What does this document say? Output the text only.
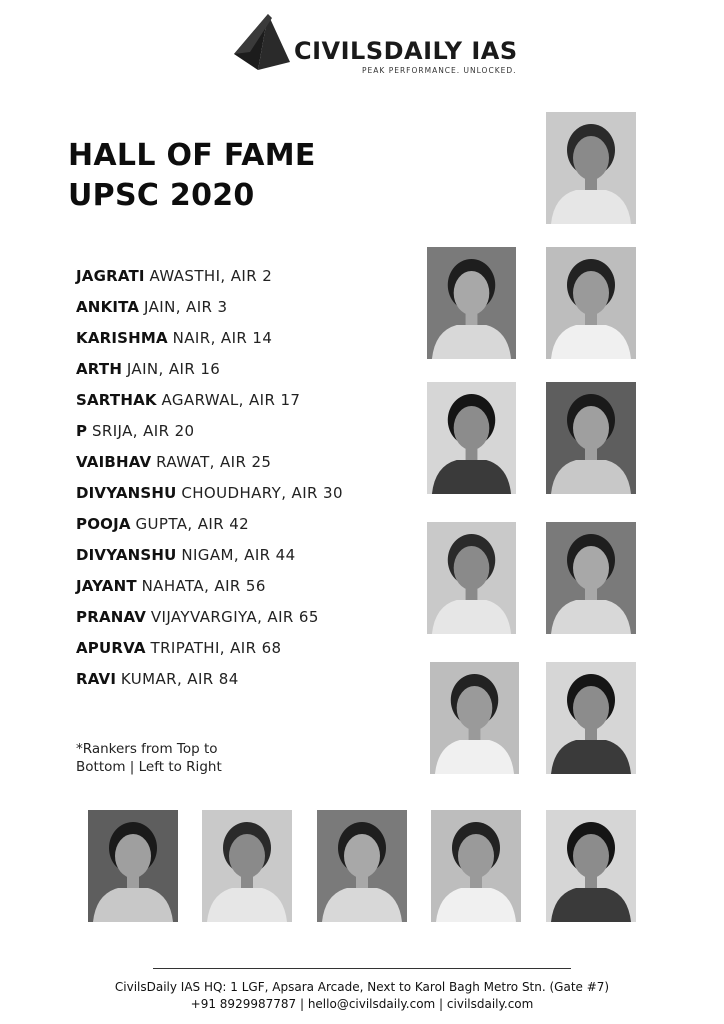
CIVILSDAILY IAS
PEAK PERFORMANCE. UNLOCKED.
HALL OF FAME
UPSC 2020
JAGRATI AWASTHI, AIR 2
ANKITA JAIN, AIR 3
KARISHMA NAIR, AIR 14
ARTH JAIN, AIR 16
SARTHAK AGARWAL, AIR 17
P SRIJA, AIR 20
VAIBHAV RAWAT, AIR 25
DIVYANSHU CHOUDHARY, AIR 30
POOJA GUPTA, AIR 42
DIVYANSHU NIGAM, AIR 44
JAYANT NAHATA, AIR 56
PRANAV VIJAYVARGIYA, AIR 65
APURVA TRIPATHI, AIR 68
RAVI KUMAR, AIR 84
*Rankers from Top to
Bottom | Left to Right
CivilsDaily IAS HQ: 1 LGF, Apsara Arcade, Next to Karol Bagh Metro Stn. (Gate #7)
+91 8929987787 | hello@civilsdaily.com | civilsdaily.com
